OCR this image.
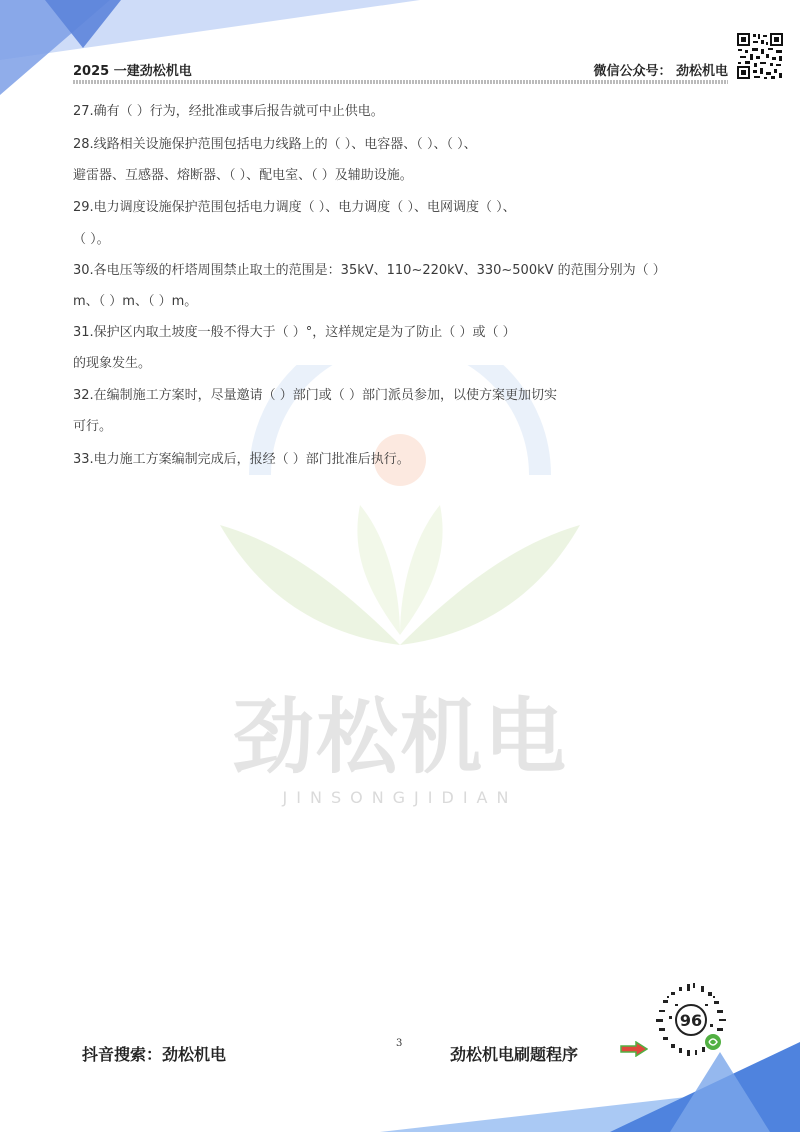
2025 一建劲松机电	微信公众号： 劲松机电
劲松机电
JINSONGJIDIAN
27.确有（ ）行为，经批准或事后报告就可中止供电。
28.线路相关设施保护范围包括电力线路上的（ ）、电容器、（ ）、（ ）、
避雷器、互感器、熔断器、（ ）、配电室、（ ）及辅助设施。
29.电力调度设施保护范围包括电力调度（ ）、电力调度（ ）、电网调度（ ）、
（ ）。
30.各电压等级的杆塔周围禁止取土的范围是：35kV、110~220kV、330~500kV 的范围分别为（ ）
m、（ ）m、（ ）m。
31.保护区内取土坡度一般不得大于（ ）°，这样规定是为了防止（ ）或（ ）
的现象发生。
32.在编制施工方案时，尽量邀请（ ）部门或（ ）部门派员参加，以使方案更加切实
可行。
33.电力施工方案编制完成后，报经（ ）部门批准后执行。
抖音搜索：劲松机电
3
劲松机电刷题程序
96
